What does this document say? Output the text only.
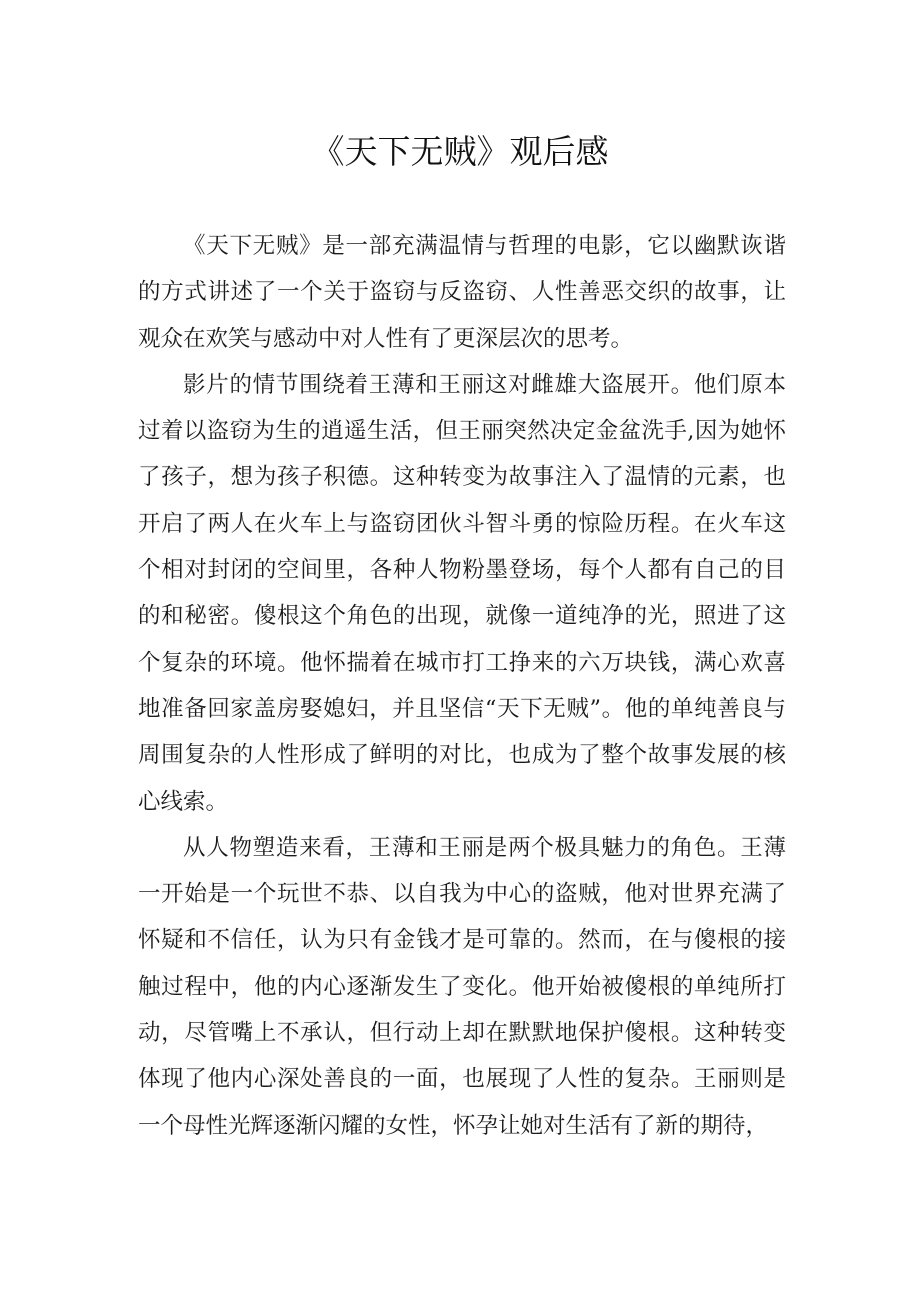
《天下无贼》观后感

《天下无贼》是一部充满温情与哲理的电影，它以幽默诙谐的方式讲述了一个关于盗窃与反盗窃、人性善恶交织的故事，让观众在欢笑与感动中对人性有了更深层次的思考。

影片的情节围绕着王薄和王丽这对雌雄大盗展开。他们原本过着以盗窃为生的逍遥生活，但王丽突然决定金盆洗手,因为她怀了孩子，想为孩子积德。这种转变为故事注入了温情的元素，也开启了两人在火车上与盗窃团伙斗智斗勇的惊险历程。在火车这个相对封闭的空间里，各种人物粉墨登场，每个人都有自己的目的和秘密。傻根这个角色的出现，就像一道纯净的光，照进了这个复杂的环境。他怀揣着在城市打工挣来的六万块钱，满心欢喜地准备回家盖房娶媳妇，并且坚信“天下无贼”。他的单纯善良与周围复杂的人性形成了鲜明的对比，也成为了整个故事发展的核心线索。

从人物塑造来看，王薄和王丽是两个极具魅力的角色。王薄一开始是一个玩世不恭、以自我为中心的盗贼，他对世界充满了怀疑和不信任，认为只有金钱才是可靠的。然而，在与傻根的接触过程中，他的内心逐渐发生了变化。他开始被傻根的单纯所打动，尽管嘴上不承认，但行动上却在默默地保护傻根。这种转变体现了他内心深处善良的一面，也展现了人性的复杂。王丽则是一个母性光辉逐渐闪耀的女性，怀孕让她对生活有了新的期待，
